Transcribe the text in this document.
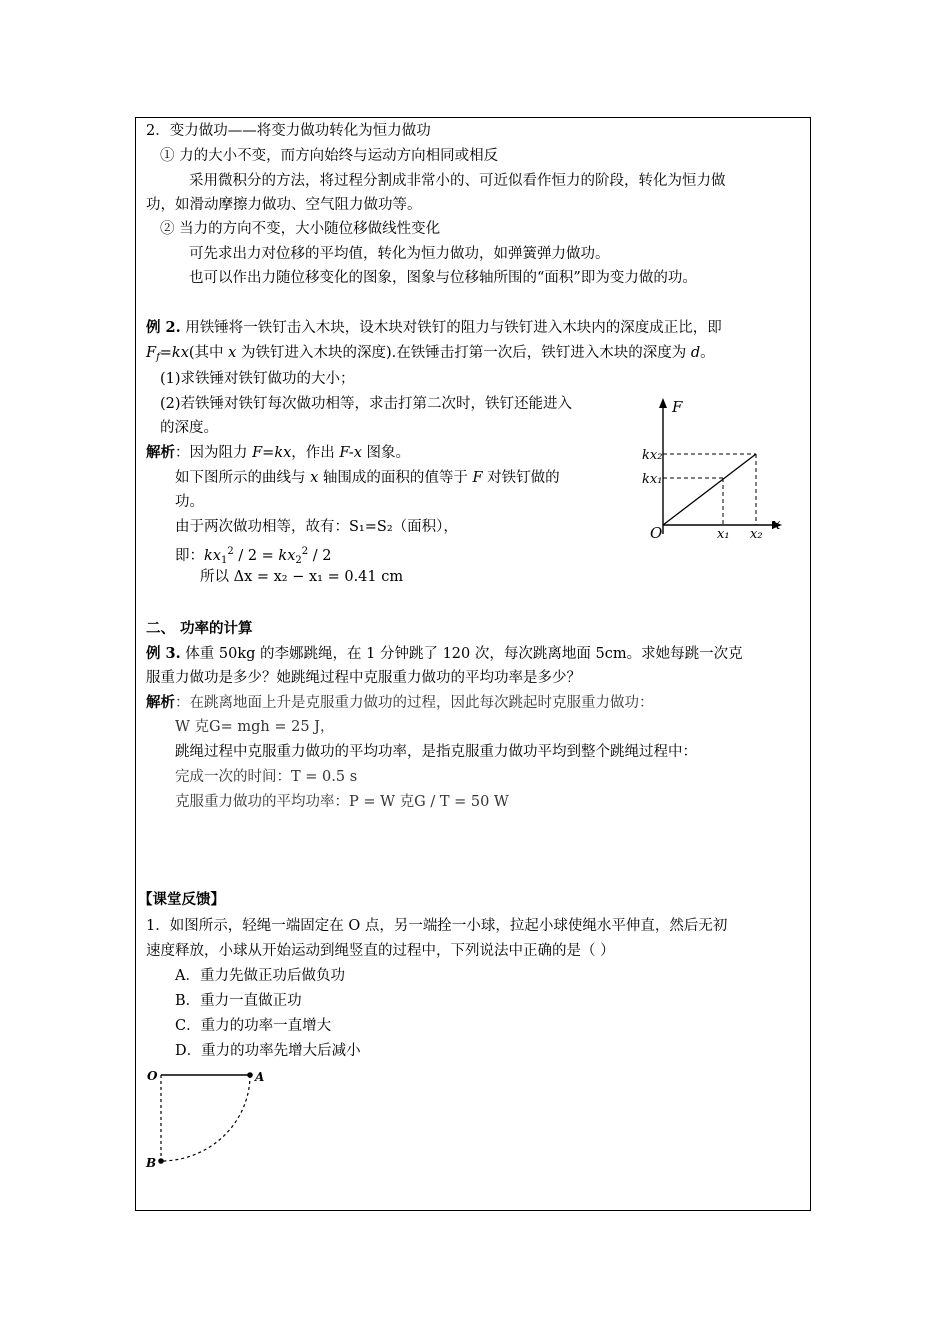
2．变力做功——将变力做功转化为恒力做功
① 力的大小不变，而方向始终与运动方向相同或相反
采用微积分的方法，将过程分割成非常小的、可近似看作恒力的阶段，转化为恒力做
功，如滑动摩擦力做功、空气阻力做功等。
② 当力的方向不变，大小随位移做线性变化
可先求出力对位移的平均值，转化为恒力做功，如弹簧弹力做功。
也可以作出力随位移变化的图象，图象与位移轴所围的“面积”即为变力做的功。
例 2. 用铁锤将一铁钉击入木块，设木块对铁钉的阻力与铁钉进入木块内的深度成正比，即
$F_f=kx$(其中 x 为铁钉进入木块的深度).在铁锤击打第一次后，铁钉进入木块的深度为 d。
(1)求铁锤对铁钉做功的大小；
(2)若铁锤对铁钉每次做功相等，求击打第二次时，铁钉还能进入
的深度。
解析：因为阻力 F=kx，作出 F-x 图象。
如下图所示的曲线与 x 轴围成的面积的值等于 F 对铁钉做的
功。
由于两次做功相等，故有：S₁=S₂（面积），
即：$kx_1^2 / 2 = kx_2^2 / 2$
所以 Δx = x₂ − x₁ = 0.41 cm
F
x
O
kx₂
kx₁
x₁ x₂
二、 功率的计算
例 3. 体重 50kg 的李娜跳绳，在 1 分钟跳了 120 次，每次跳离地面 5cm。求她每跳一次克
服重力做功是多少？她跳绳过程中克服重力做功的平均功率是多少？
解析：在跳离地面上升是克服重力做功的过程，因此每次跳起时克服重力做功：
W 克G= mgh = 25 J，
跳绳过程中克服重力做功的平均功率，是指克服重力做功平均到整个跳绳过程中：
完成一次的时间：T = 0.5 s
克服重力做功的平均功率：P = W 克G / T = 50 W
【课堂反馈】
1．如图所示，轻绳一端固定在 O 点，另一端拴一小球，拉起小球使绳水平伸直，然后无初
速度释放，小球从开始运动到绳竖直的过程中，下列说法中正确的是（ ）
A．重力先做正功后做负功
B．重力一直做正功
C．重力的功率一直增大
D．重力的功率先增大后减小
O	A
B
